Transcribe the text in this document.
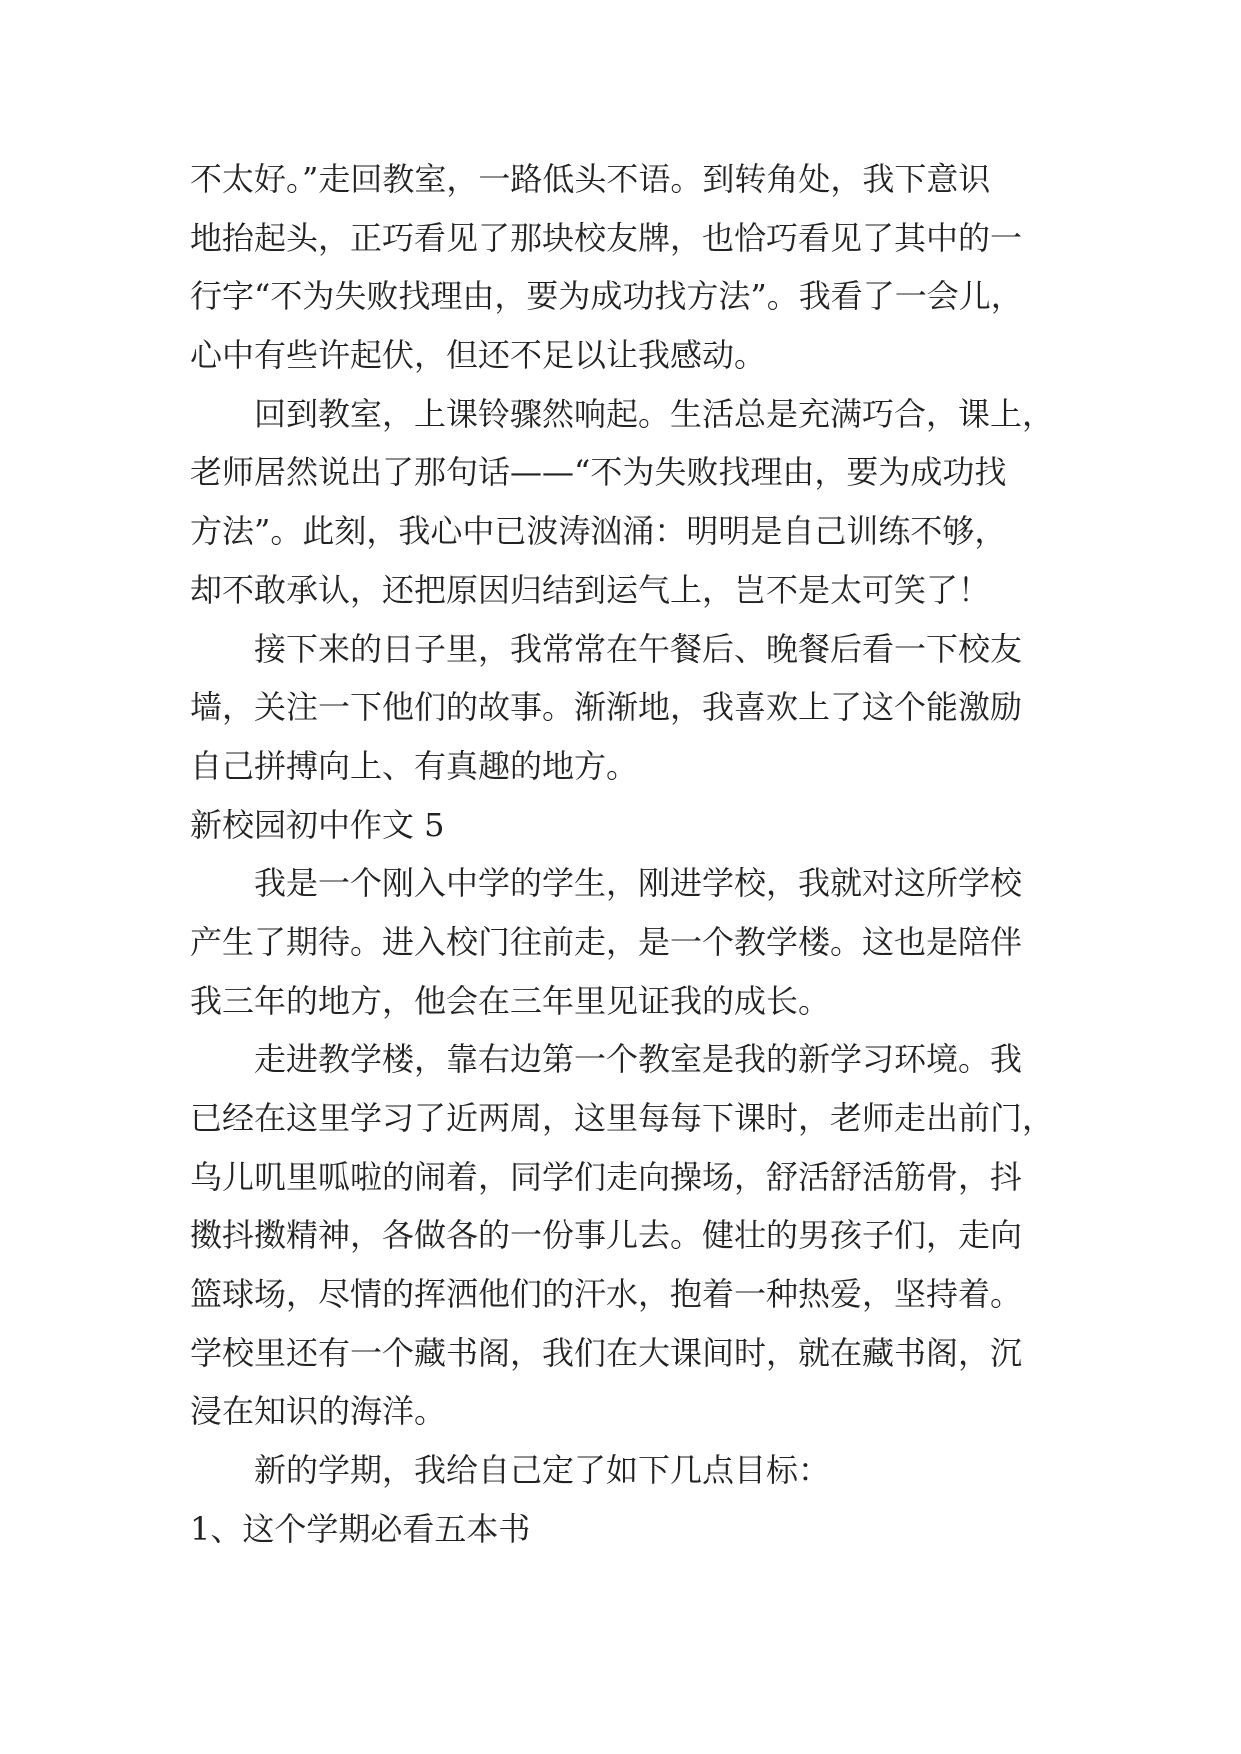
不太好。”走回教室，一路低头不语。到转角处，我下意识
地抬起头，正巧看见了那块校友牌，也恰巧看见了其中的一
行字“不为失败找理由，要为成功找方法”。我看了一会儿，
心中有些许起伏，但还不足以让我感动。
回到教室，上课铃骤然响起。生活总是充满巧合，课上，
老师居然说出了那句话——“不为失败找理由，要为成功找
方法”。此刻，我心中已波涛汹涌：明明是自己训练不够，
却不敢承认，还把原因归结到运气上，岂不是太可笑了！
接下来的日子里，我常常在午餐后、晚餐后看一下校友
墙，关注一下他们的故事。渐渐地，我喜欢上了这个能激励
自己拼搏向上、有真趣的地方。
新校园初中作文 5
我是一个刚入中学的学生，刚进学校，我就对这所学校
产生了期待。进入校门往前走，是一个教学楼。这也是陪伴
我三年的地方，他会在三年里见证我的成长。
走进教学楼，靠右边第一个教室是我的新学习环境。我
已经在这里学习了近两周，这里每每下课时，老师走出前门，
乌儿叽里呱啦的闹着，同学们走向操场，舒活舒活筋骨，抖
擞抖擞精神，各做各的一份事儿去。健壮的男孩子们，走向
篮球场，尽情的挥洒他们的汗水，抱着一种热爱，坚持着。
学校里还有一个藏书阁，我们在大课间时，就在藏书阁，沉
浸在知识的海洋。
新的学期，我给自己定了如下几点目标：
1、这个学期必看五本书
